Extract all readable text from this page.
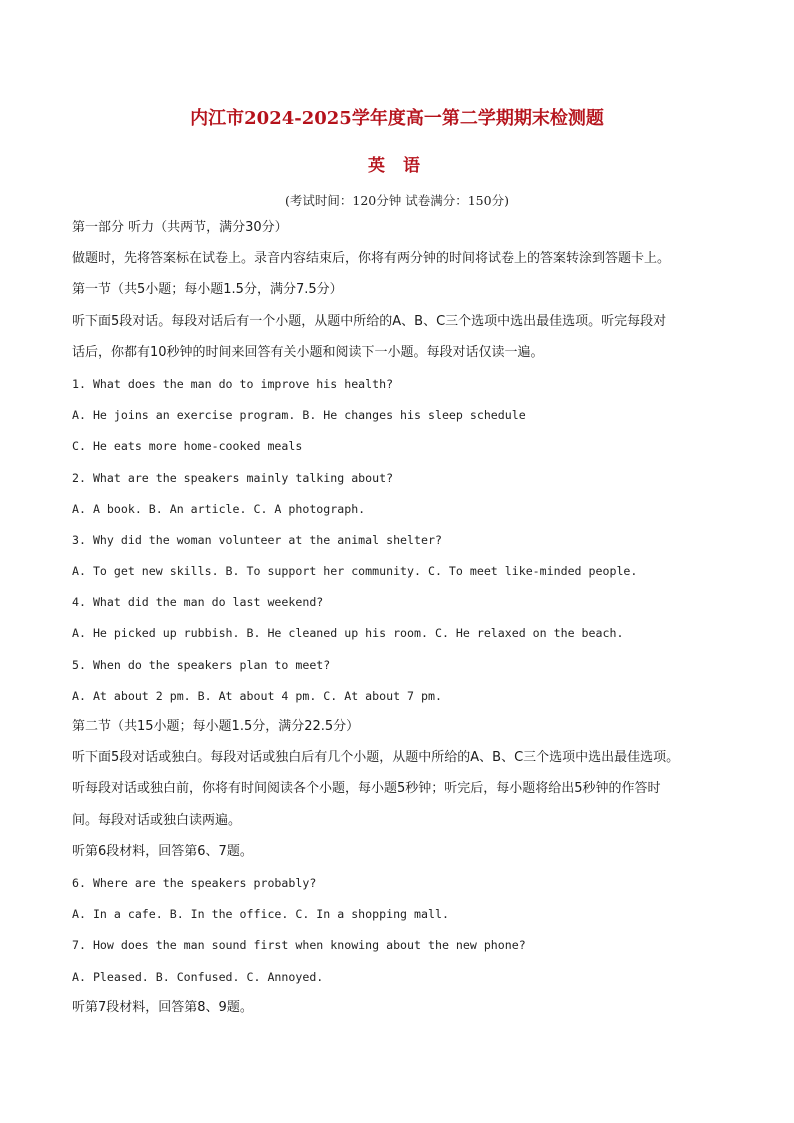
内江市2024-2025学年度高一第二学期期末检测题
英 语
(考试时间：120分钟 试卷满分：150分)
第一部分 听力（共两节，满分30分）
做题时，先将答案标在试卷上。录音内容结束后，你将有两分钟的时间将试卷上的答案转涂到答题卡上。
第一节（共5小题；每小题1.5分，满分7.5分）
听下面5段对话。每段对话后有一个小题，从题中所给的A、B、C三个选项中选出最佳选项。听完每段对
话后，你都有10秒钟的时间来回答有关小题和阅读下一小题。每段对话仅读一遍。
1. What does the man do to improve his health?
A. He joins an exercise program. B. He changes his sleep schedule
C. He eats more home-cooked meals
2. What are the speakers mainly talking about?
A. A book. B. An article. C. A photograph.
3. Why did the woman volunteer at the animal shelter?
A. To get new skills. B. To support her community. C. To meet like-minded people.
4. What did the man do last weekend?
A. He picked up rubbish. B. He cleaned up his room. C. He relaxed on the beach.
5. When do the speakers plan to meet?
A. At about 2 pm. B. At about 4 pm. C. At about 7 pm.
第二节（共15小题；每小题1.5分，满分22.5分）
听下面5段对话或独白。每段对话或独白后有几个小题，从题中所给的A、B、C三个选项中选出最佳选项。
听每段对话或独白前，你将有时间阅读各个小题，每小题5秒钟；听完后，每小题将给出5秒钟的作答时
间。每段对话或独白读两遍。
听第6段材料，回答第6、7题。
6. Where are the speakers probably?
A. In a cafe. B. In the office. C. In a shopping mall.
7. How does the man sound first when knowing about the new phone?
A. Pleased. B. Confused. C. Annoyed.
听第7段材料，回答第8、9题。
